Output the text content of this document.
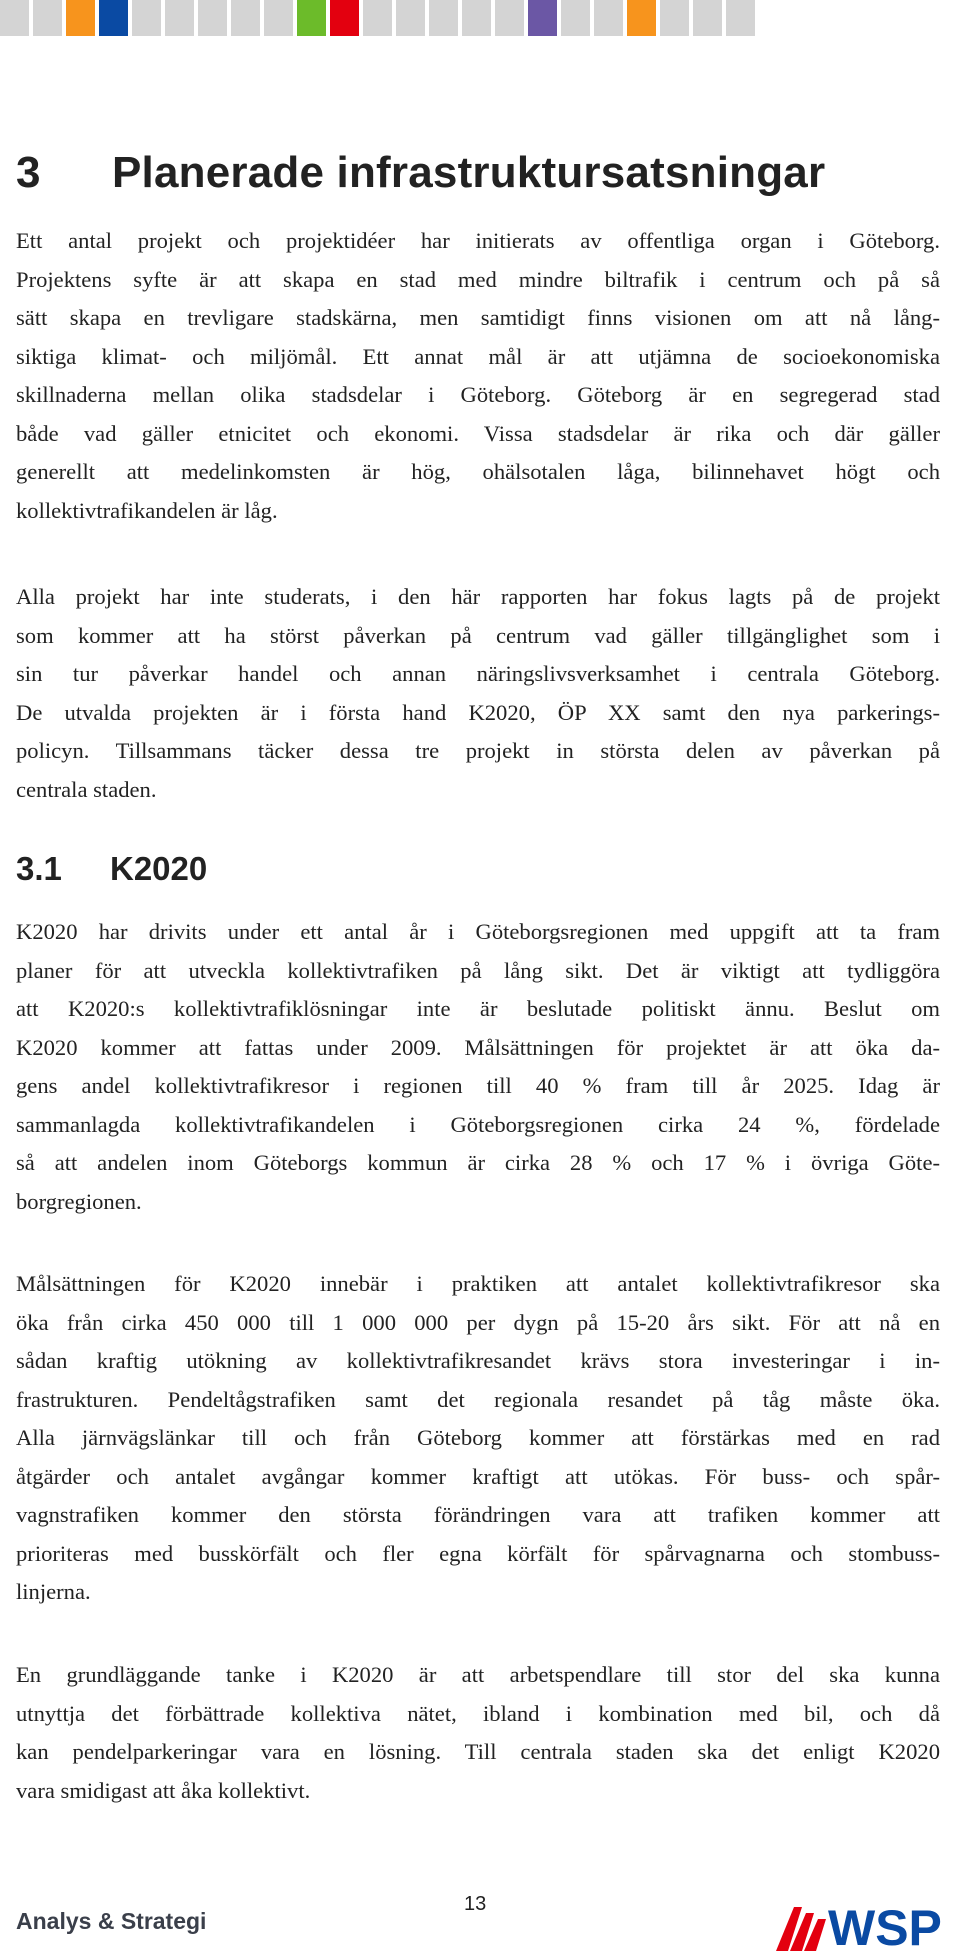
3 Planerade infrastruktursatsningar
Ett antal projekt och projektidéer har initierats av offentliga organ i Göteborg.
Projektens syfte är att skapa en stad med mindre biltrafik i centrum och på så
sätt skapa en trevligare stadskärna, men samtidigt finns visionen om att nå lång-
siktiga klimat- och miljömål. Ett annat mål är att utjämna de socioekonomiska
skillnaderna mellan olika stadsdelar i Göteborg. Göteborg är en segregerad stad
både vad gäller etnicitet och ekonomi. Vissa stadsdelar är rika och där gäller
generellt att medelinkomsten är hög, ohälsotalen låga, bilinnehavet högt och
kollektivtrafikandelen är låg.
Alla projekt har inte studerats, i den här rapporten har fokus lagts på de projekt
som kommer att ha störst påverkan på centrum vad gäller tillgänglighet som i
sin tur påverkar handel och annan näringslivsverksamhet i centrala Göteborg.
De utvalda projekten är i första hand K2020, ÖP XX samt den nya parkerings-
policyn. Tillsammans täcker dessa tre projekt in största delen av påverkan på
centrala staden.
3.1 K2020
K2020 har drivits under ett antal år i Göteborgsregionen med uppgift att ta fram
planer för att utveckla kollektivtrafiken på lång sikt. Det är viktigt att tydliggöra
att K2020:s kollektivtrafiklösningar inte är beslutade politiskt ännu. Beslut om
K2020 kommer att fattas under 2009. Målsättningen för projektet är att öka da-
gens andel kollektivtrafikresor i regionen till 40 % fram till år 2025. Idag är
sammanlagda kollektivtrafikandelen i Göteborgsregionen cirka 24 %, fördelade
så att andelen inom Göteborgs kommun är cirka 28 % och 17 % i övriga Göte-
borgregionen.
Målsättningen för K2020 innebär i praktiken att antalet kollektivtrafikresor ska
öka från cirka 450 000 till 1 000 000 per dygn på 15-20 års sikt. För att nå en
sådan kraftig utökning av kollektivtrafikresandet krävs stora investeringar i in-
frastrukturen. Pendeltågstrafiken samt det regionala resandet på tåg måste öka.
Alla järnvägslänkar till och från Göteborg kommer att förstärkas med en rad
åtgärder och antalet avgångar kommer kraftigt att utökas. För buss- och spår-
vagnstrafiken kommer den största förändringen vara att trafiken kommer att
prioriteras med busskörfält och fler egna körfält för spårvagnarna och stombuss-
linjerna.
En grundläggande tanke i K2020 är att arbetspendlare till stor del ska kunna
utnyttja det förbättrade kollektiva nätet, ibland i kombination med bil, och då
kan pendelparkeringar vara en lösning. Till centrala staden ska det enligt K2020
vara smidigast att åka kollektivt.
Analys & Strategi
13	WSP
